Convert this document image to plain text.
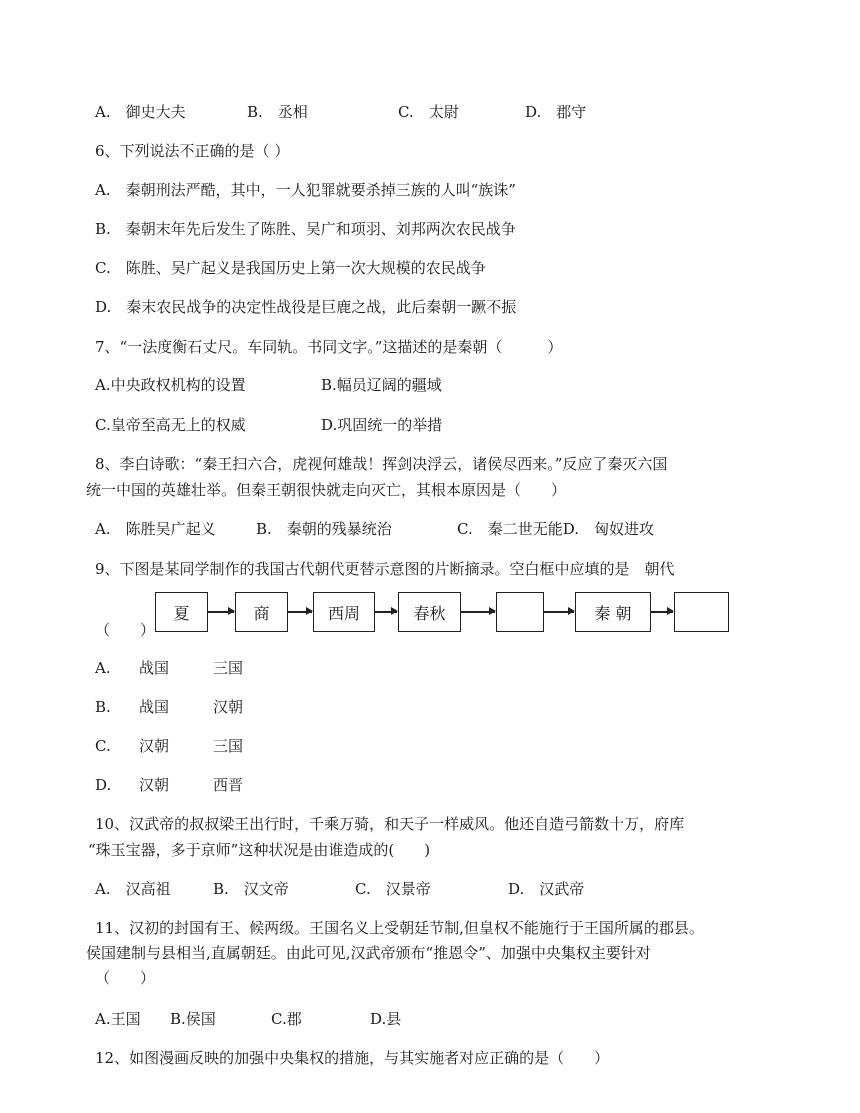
A.　御史大夫	B.　丞相	C.　太尉	D.　郡守
6、下列说法不正确的是（ ）
A.　秦朝刑法严酷，其中，一人犯罪就要杀掉三族的人叫“族诛”
B.　秦朝末年先后发生了陈胜、吴广和项羽、刘邦两次农民战争
C.　陈胜、吴广起义是我国历史上第一次大规模的农民战争
D.　秦末农民战争的决定性战役是巨鹿之战，此后秦朝一蹶不振
7、“一法度衡石丈尺。车同轨。书同文字。”这描述的是秦朝（　　　）
A.中央政权机构的设置	B.幅员辽阔的疆域
C.皇帝至高无上的权威	D.巩固统一的举措
8、李白诗歌：“秦王扫六合，虎视何雄哉！挥剑决浮云，诸侯尽西来。”反应了秦灭六国
统一中国的英雄壮举。但秦王朝很快就走向灭亡，其根本原因是（　　）
A.　陈胜吴广起义	B.　秦朝的残暴统治	C.　秦二世无能D.　匈奴进攻
9、下图是某同学制作的我国古代朝代更替示意图的片断摘录。空白框中应填的是　朝代
（　　）
夏	商	西周	春秋	秦 朝
A. 战国	三国
B. 战国	汉朝
C. 汉朝	三国
D. 汉朝	西晋
10、汉武帝的叔叔梁王出行时，千乘万骑，和天子一样威风。他还自造弓箭数十万，府库
“珠玉宝器，多于京师”这种状况是由谁造成的(　　)
A.　汉高祖	B.　汉文帝	C.　汉景帝	D.　汉武帝
11、汉初的封国有王、候两级。王国名义上受朝廷节制,但皇权不能施行于王国所属的郡县。
侯国建制与县相当,直属朝廷。由此可见,汉武帝颁布“推恩令”、加强中央集权主要针对
（　　）
A.王国 B.侯国	C.郡	D.县
12、如图漫画反映的加强中央集权的措施，与其实施者对应正确的是（　　）
